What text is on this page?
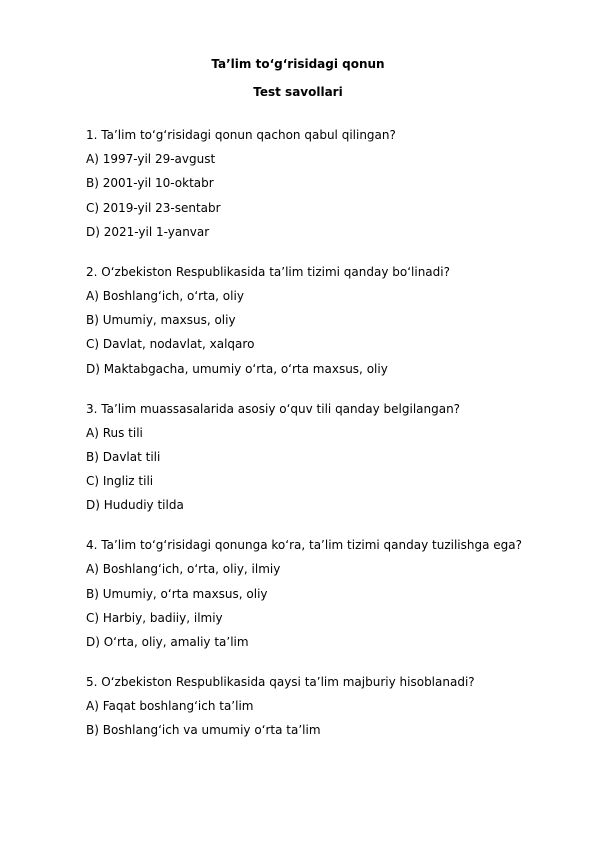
Ta’lim to‘g‘risidagi qonun

Test savollari

1. Ta’lim to‘g‘risidagi qonun qachon qabul qilingan?
A) 1997-yil 29-avgust
B) 2001-yil 10-oktabr
C) 2019-yil 23-sentabr
D) 2021-yil 1-yanvar
2. O‘zbekiston Respublikasida ta’lim tizimi qanday bo‘linadi?
A) Boshlang‘ich, o‘rta, oliy
B) Umumiy, maxsus, oliy
C) Davlat, nodavlat, xalqaro
D) Maktabgacha, umumiy o‘rta, o‘rta maxsus, oliy
3. Ta’lim muassasalarida asosiy o‘quv tili qanday belgilangan?
A) Rus tili
B) Davlat tili
C) Ingliz tili
D) Hududiy tilda
4. Ta’lim to‘g‘risidagi qonunga ko‘ra, ta’lim tizimi qanday tuzilishga ega?
A) Boshlang‘ich, o‘rta, oliy, ilmiy
B) Umumiy, o‘rta maxsus, oliy
C) Harbiy, badiiy, ilmiy
D) O‘rta, oliy, amaliy ta’lim
5. O‘zbekiston Respublikasida qaysi ta’lim majburiy hisoblanadi?
A) Faqat boshlang‘ich ta’lim
B) Boshlang‘ich va umumiy o‘rta ta’lim
